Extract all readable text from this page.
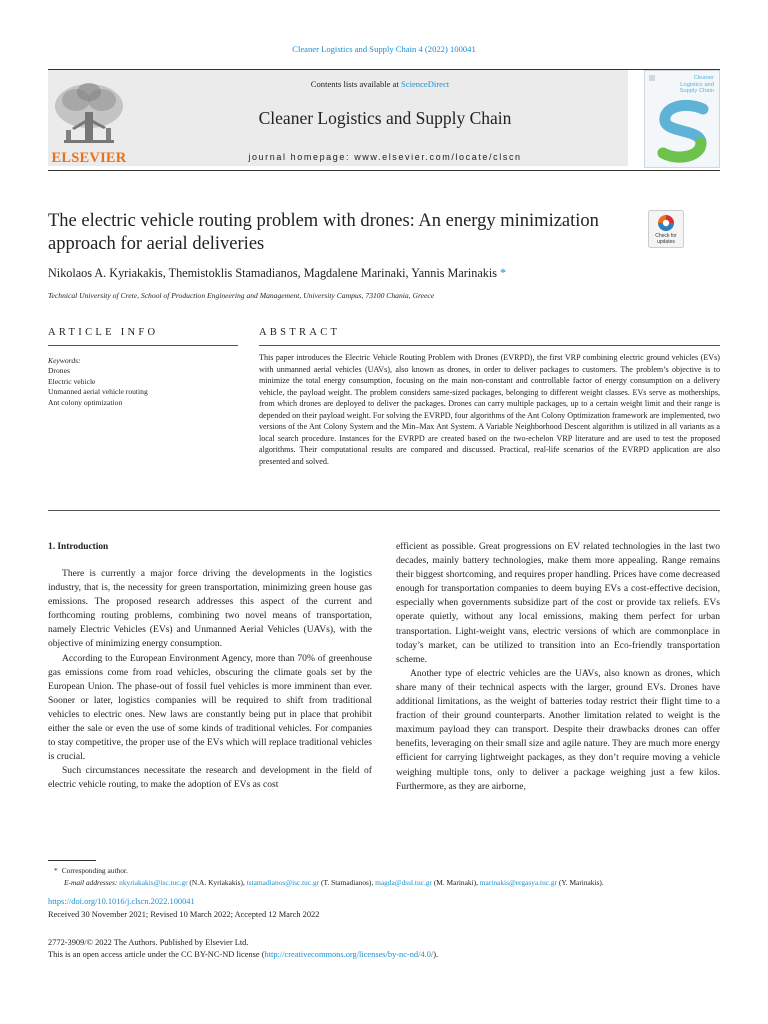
Cleaner Logistics and Supply Chain 4 (2022) 100041
ELSEVIER
Contents lists available at ScienceDirect
Cleaner Logistics and Supply Chain
journal homepage: www.elsevier.com/locate/clscn
Cleaner
Logistics and
Supply Chain
The electric vehicle routing problem with drones: An energy minimization approach for aerial deliveries	Check for
updates
Nikolaos A. Kyriakakis, Themistoklis Stamadianos, Magdalene Marinaki, Yannis Marinakis *
Technical University of Crete, School of Production Engineering and Management, University Campus, 73100 Chania, Greece
ARTICLE INFO
Keywords:
Drones
Electric vehicle
Unmanned aerial vehicle routing
Ant colony optimization
ABSTRACT
This paper introduces the Electric Vehicle Routing Problem with Drones (EVRPD), the first VRP combining electric ground vehicles (EVs) with unmanned aerial vehicles (UAVs), also known as drones, in order to deliver packages to customers. The problem’s objective is to minimize the total energy consumption, focusing on the main non-constant and controllable factor of energy consumption on a delivery vehicle, the payload weight. The problem considers same-sized packages, belonging to different weight classes. EVs serve as motherships, from which drones are deployed to deliver the packages. Drones can carry multiple packages, up to a certain weight limit and their range is depended on their payload weight. For solving the EVRPD, four algorithms of the Ant Colony Optimization framework are implemented, two versions of the Ant Colony System and the Min–Max Ant System. A Variable Neighborhood Descent algorithm is utilized in all variants as a local search procedure. Instances for the EVRPD are created based on the two-echelon VRP literature and are used to test the proposed algorithms. Their computational results are compared and discussed. Practical, real-life scenarios of the EVRPD application are also presented and solved.
1. Introduction

There is currently a major force driving the developments in the logistics industry, that is, the necessity for green transportation, minimizing green house gas emissions. The proposed research addresses this aspect of the current and forthcoming routing problems, combining two novel means of transportation, namely Electric Vehicles (EVs) and Unmanned Aerial Vehicles (UAVs), with the objective of minimizing energy consumption.

According to the European Environment Agency, more than 70% of greenhouse gas emissions come from road vehicles, obscuring the climate goals set by the European Union. The phase-out of fossil fuel vehicles is more imminent than ever. Sooner or later, logistics companies will be required to shift from traditional vehicles to electric ones. New laws are constantly being put in place that prohibit either the sale or even the use of some kinds of traditional vehicles. For companies to stay competitive, the proper use of the EVs which will replace traditional vehicles is crucial.

Such circumstances necessitate the research and development in the field of electric vehicle routing, to make the adoption of EVs as cost

efficient as possible. Great progressions on EV related technologies in the last two decades, mainly battery technologies, make them more appealing. Range remains their biggest shortcoming, and requires proper handling. Prices have come decreased enough for transportation companies to deem buying EVs a cost-effective decision, especially when governments subsidize part of the cost or provide tax reliefs. EVs operate quietly, without any local emissions, making them perfect for urban transportation. Light-weight vans, electric versions of which are commonplace in today’s market, can be utilized to transition into an Eco-friendly transportation scheme.

Another type of electric vehicles are the UAVs, also known as drones, which share many of their technical aspects with the larger, ground EVs. Drones have additional limitations, as the weight of batteries today restrict their flight time to a fraction of their ground counterparts. Another limitation related to weight is the maximum payload they can transport. Despite their drawbacks drones can offer benefits, leveraging on their small size and agile nature. They are much more energy efficient for carrying lightweight packages, as they don’t require moving a vehicle weighing multiple tons, only to deliver a package weighing just a few kilos. Furthermore, as they are airborne,

* Corresponding author.
E-mail addresses: nkyriakakis@isc.tuc.gr (N.A. Kyriakakis), tstamadianos@isc.tuc.gr (T. Stamadianos), magda@dssl.tuc.gr (M. Marinaki), marinakis@ergasya.tuc.gr (Y. Marinakis).
https://doi.org/10.1016/j.clscn.2022.100041
Received 30 November 2021; Revised 10 March 2022; Accepted 12 March 2022
2772-3909/© 2022 The Authors. Published by Elsevier Ltd.
This is an open access article under the CC BY-NC-ND license (http://creativecommons.org/licenses/by-nc-nd/4.0/).
